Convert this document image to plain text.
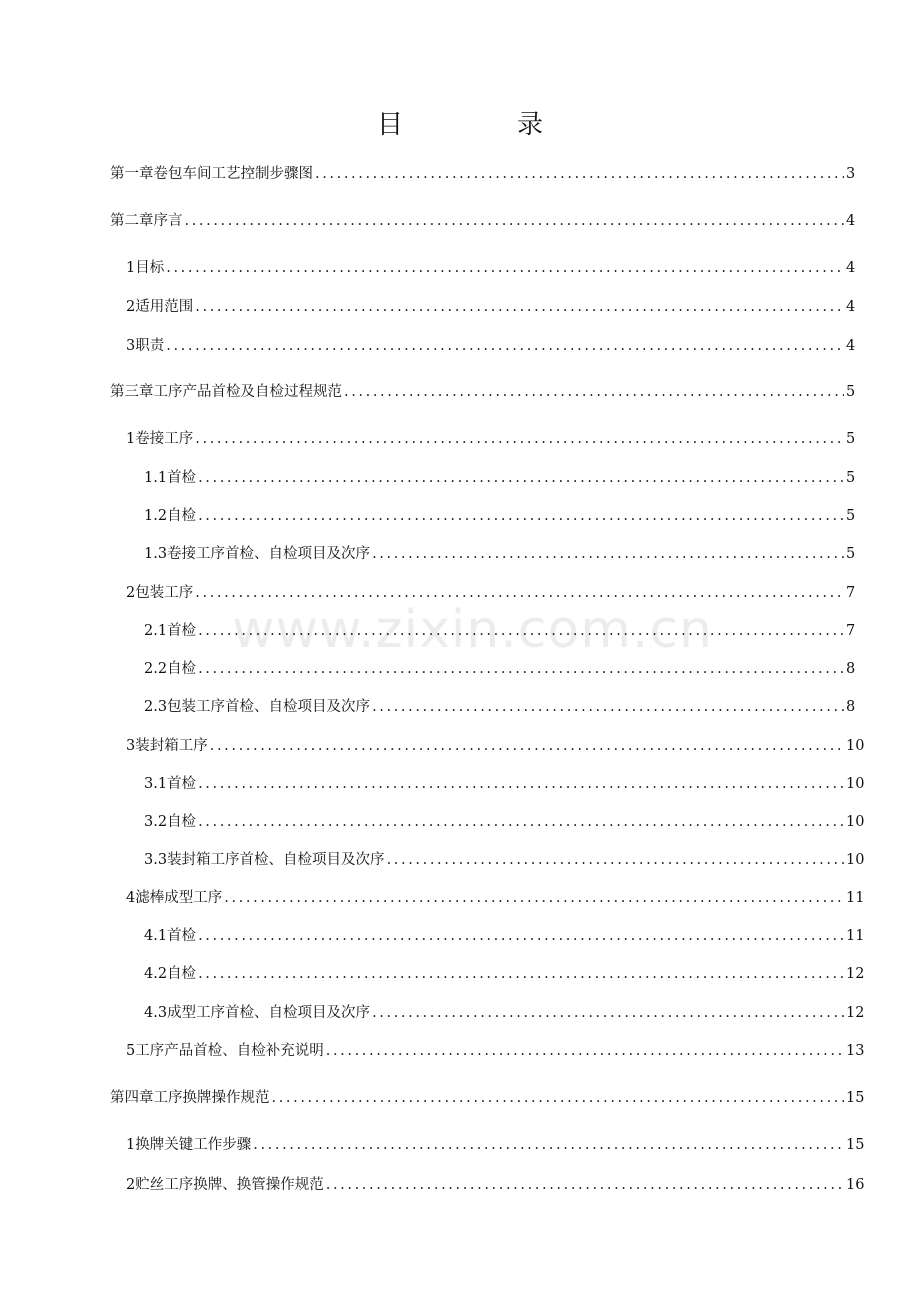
目　录
www.zixin.com.cn
第一章 卷包车间工艺控制步骤图 .....	3
第二章 序言 .....	4
1 目标 .....	4
2 适用范围 .....	4
3 职责 .....	4
第三章 工序产品首检及自检过程规范 .....	5
1 卷接工序 .....	5
1.1 首检 .....	5
1.2 自检 .....	5
1.3 卷接工序首检、自检项目及次序 .....	5
2 包装工序 .....	7
2.1 首检 .....	7
2.2 自检 .....	8
2.3 包装工序首检、自检项目及次序 .....	8
3 装封箱工序 .....	10
3.1 首检 .....	10
3.2 自检 .....	10
3.3 装封箱工序首检、自检项目及次序 .....	10
4 滤棒成型工序 .....	11
4.1 首检 .....	11
4.2 自检 .....	12
4.3 成型工序首检、自检项目及次序 .....	12
5 工序产品首检、自检补充说明 .....	13
第四章 工序换牌操作规范 .....	15
1 换牌关键工作步骤 .....	15
2 贮丝工序换牌、换管操作规范 .....	16
